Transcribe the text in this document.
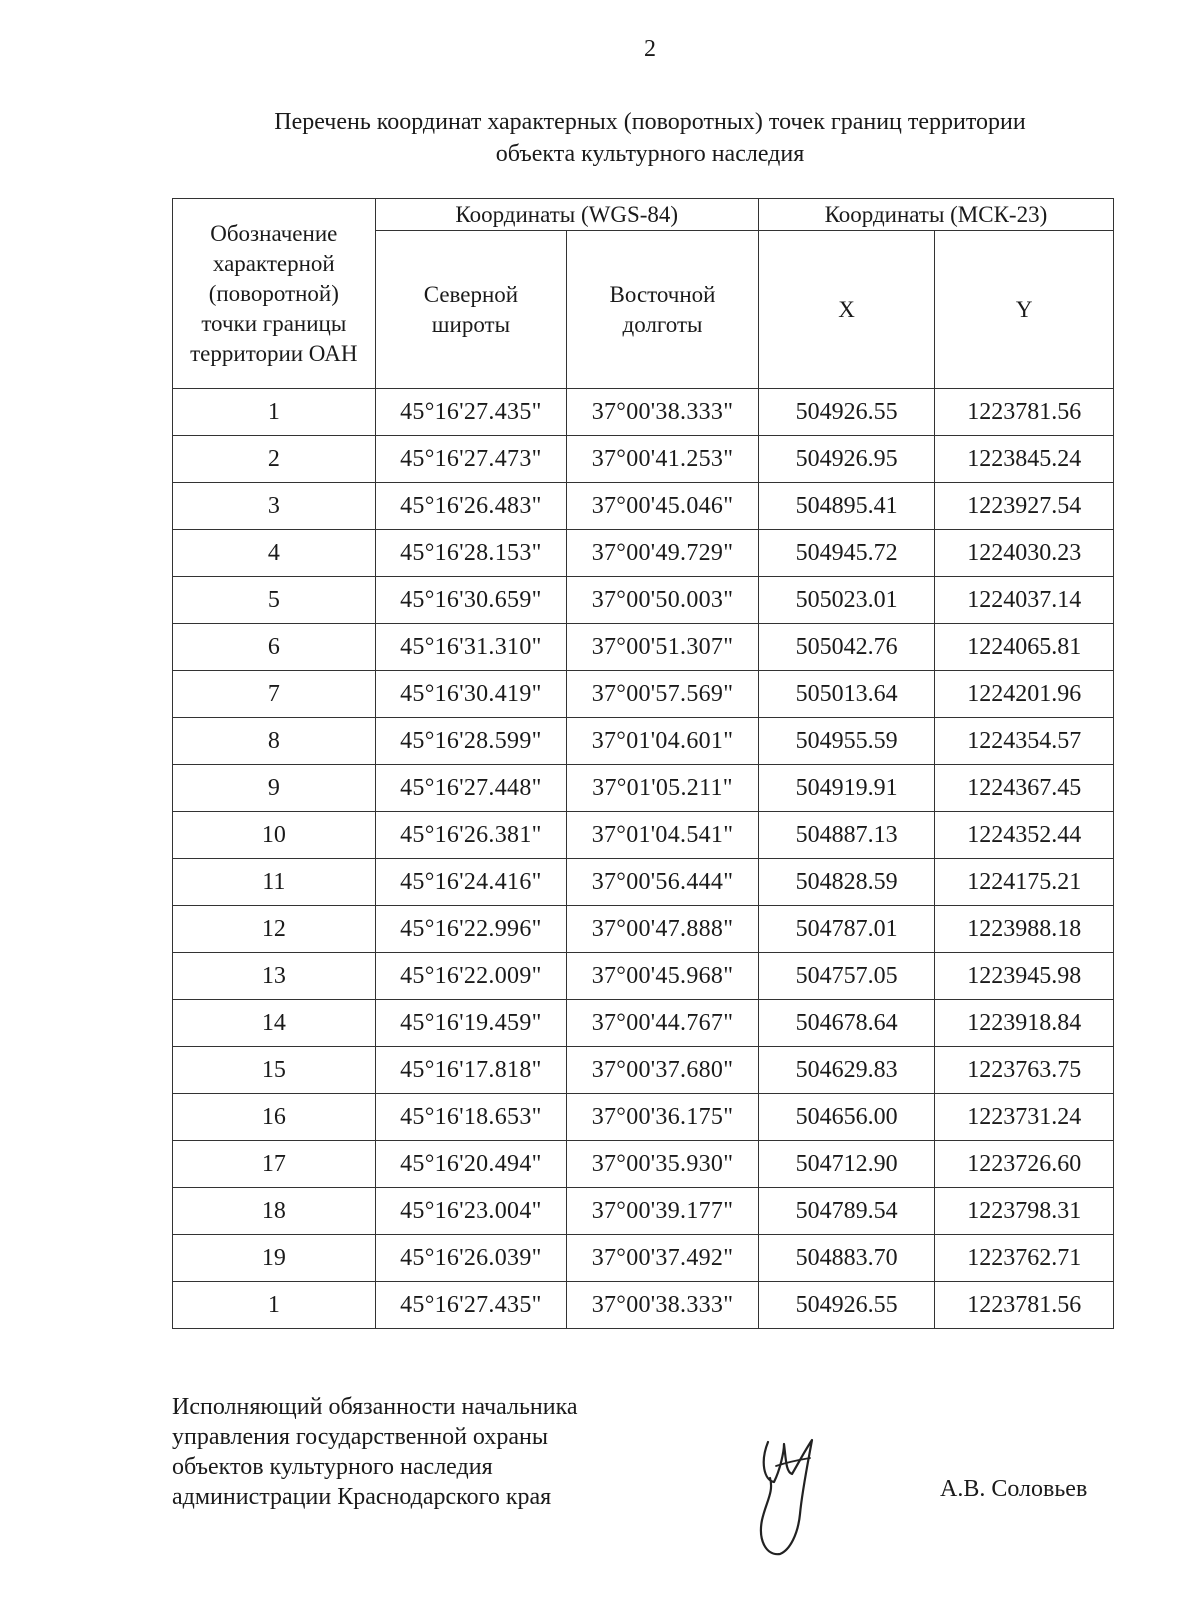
2
Перечень координат характерных (поворотных) точек границ территории
объекта культурного наследия
Обозначение характерной (поворотной) точки границы территории ОАН	Координаты (WGS-84)		Координаты (МСК-23)	
	Северной широты	Восточной долготы	X	Y
1	45°16'27.435"	37°00'38.333"	504926.55	1223781.56
2	45°16'27.473"	37°00'41.253"	504926.95	1223845.24
3	45°16'26.483"	37°00'45.046"	504895.41	1223927.54
4	45°16'28.153"	37°00'49.729"	504945.72	1224030.23
5	45°16'30.659"	37°00'50.003"	505023.01	1224037.14
6	45°16'31.310"	37°00'51.307"	505042.76	1224065.81
7	45°16'30.419"	37°00'57.569"	505013.64	1224201.96
8	45°16'28.599"	37°01'04.601"	504955.59	1224354.57
9	45°16'27.448"	37°01'05.211"	504919.91	1224367.45
10	45°16'26.381"	37°01'04.541"	504887.13	1224352.44
11	45°16'24.416"	37°00'56.444"	504828.59	1224175.21
12	45°16'22.996"	37°00'47.888"	504787.01	1223988.18
13	45°16'22.009"	37°00'45.968"	504757.05	1223945.98
14	45°16'19.459"	37°00'44.767"	504678.64	1223918.84
15	45°16'17.818"	37°00'37.680"	504629.83	1223763.75
16	45°16'18.653"	37°00'36.175"	504656.00	1223731.24
17	45°16'20.494"	37°00'35.930"	504712.90	1223726.60
18	45°16'23.004"	37°00'39.177"	504789.54	1223798.31
19	45°16'26.039"	37°00'37.492"	504883.70	1223762.71
1	45°16'27.435"	37°00'38.333"	504926.55	1223781.56
Исполняющий обязанности начальника
управления государственной охраны
объектов культурного наследия
администрации Краснодарского края	А.В. Соловьев
